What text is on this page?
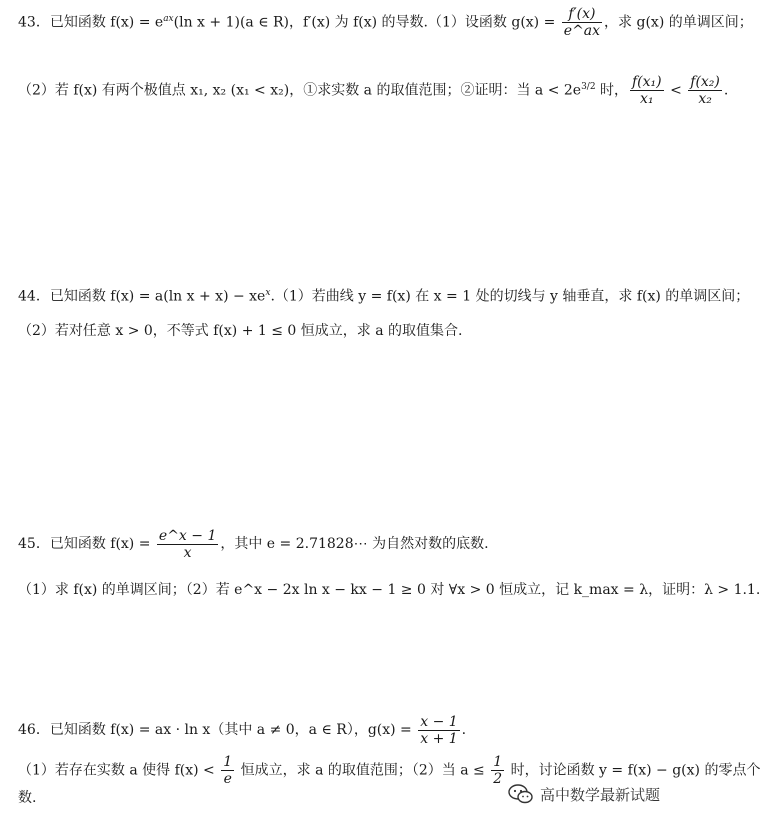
43．已知函数 $f(x) = e^{ax}(\ln$ x + 1)(a ∈ R)，f′(x) 为 f(x) 的导数.（1）设函数 $g(x) = \frac{f'(x)}{e\^{}ax}$ ，求 g(x) 的单调区间；
（2）若 f(x) 有两个极值点 x₁, x₂ (x₁ < x₂)，①求实数 a 的取值范围；②证明：当 $a < 2e^{3/2}$ 时， $\frac{\text{f(x₁)}}{\text{x₁}} < \frac{\text{f(x₂)}}{\text{x₂}}$ .
44．已知函数 f(x) = a(ln $x + x) - xe^x.(1)$若曲线 y = f(x) 在 x = 1 处的切线与 y 轴垂直，求 f(x) 的单调区间；
（2）若对任意 x > 0，不等式 f(x) + 1 ≤ 0 恒成立，求 a 的取值集合.
45．已知函数 $f(x) = \frac{e\^{}x - 1}{x}$ ，其中 e = 2.71828⋯ 为自然对数的底数.
（1）求 f(x) 的单调区间；（2）若 e^x − 2x ln x − kx − 1 ≥ 0 对 ∀x > 0 恒成立，记 k_max = λ，证明：λ > 1.1.
46．已知函数 f(x) = ax · ln x（其中 a ≠ 0，a ∈ R），$g(x) = \frac{x - 1}{x + 1}$ .
（1）若存在实数 a 使得 $f(x) < \frac{1}{e}$ 恒成立，求 a 的取值范围；（2）当 $a \le \frac{1}{2}$ 时，讨论函数 y = f(x) − g(x) 的零点个
数.	高中数学最新试题
